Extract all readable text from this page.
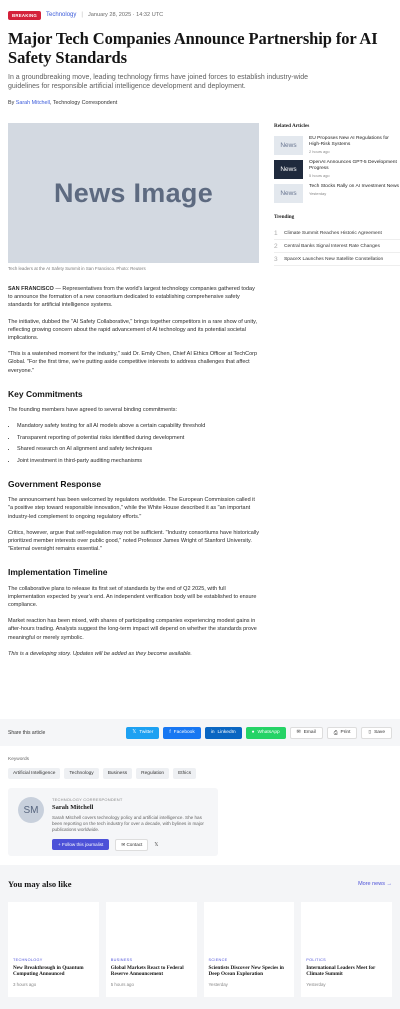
BREAKING	Technology | January 28, 2025 · 14:32 UTC
Major Tech Companies Announce Partnership for AI Safety Standards

In a groundbreaking move, leading technology firms have joined forces to establish industry-wide guidelines for responsible artificial intelligence development and deployment.

By Sarah Mitchell, Technology Correspondent

News Image

Tech leaders at the AI Safety Summit in San Francisco. Photo: Reuters

SAN FRANCISCO — Representatives from the world's largest technology companies gathered today to announce the formation of a new consortium dedicated to establishing comprehensive safety standards for artificial intelligence systems.

The initiative, dubbed the "AI Safety Collaborative," brings together competitors in a rare show of unity, reflecting growing concern about the rapid advancement of AI technology and its potential societal implications.

"This is a watershed moment for the industry," said Dr. Emily Chen, Chief AI Ethics Officer at TechCorp Global. "For the first time, we're putting aside competitive interests to address challenges that affect everyone."

Key Commitments

The founding members have agreed to several binding commitments:

• Mandatory safety testing for all AI models above a certain capability threshold
• Transparent reporting of potential risks identified during development
• Shared research on AI alignment and safety techniques
• Joint investment in third-party auditing mechanisms
Government Response

The announcement has been welcomed by regulators worldwide. The European Commission called it "a positive step toward responsible innovation," while the White House described it as "an important industry-led complement to ongoing regulatory efforts."

Critics, however, argue that self-regulation may not be sufficient. "Industry consortiums have historically prioritized member interests over public good," noted Professor James Wright of Stanford University. "External oversight remains essential."

Implementation Timeline

The collaborative plans to release its first set of standards by the end of Q2 2025, with full implementation expected by year's end. An independent verification body will be established to ensure compliance.

Market reaction has been mixed, with shares of participating companies experiencing modest gains in after-hours trading. Analysts suggest the long-term impact will depend on whether the standards prove meaningful or merely symbolic.

This is a developing story. Updates will be added as they become available.

Related Articles
News
EU Proposes New AI Regulations for High-Risk Systems
2 hours ago
News
OpenAI Announces GPT-5 Development Progress
5 hours ago
News
Tech Stocks Rally on AI Investment News
Yesterday
Trending
1 Climate Summit Reaches Historic Agreement
2 Central Banks Signal Interest Rate Changes
3 SpaceX Launches New Satellite Constellation
Share this article	𝕏 Twitter	f Facebook	in LinkedIn	● WhatsApp	✉ Email	⎙ Print	▯ Save
Keywords
Artificial Intelligence	Technology	Business	Regulation	Ethics
SM
TECHNOLOGY CORRESPONDENT
Sarah Mitchell
Sarah Mitchell covers technology policy and artificial intelligence. She has been reporting on the tech industry for over a decade, with bylines in major publications worldwide.
+ Follow this journalist	✉ Contact	𝕏
You may also like	More news →
TECHNOLOGY
New Breakthrough in Quantum Computing Announced
3 hours ago
BUSINESS
Global Markets React to Federal Reserve Announcement
5 hours ago
SCIENCE
Scientists Discover New Species in Deep Ocean Exploration
Yesterday
POLITICS
International Leaders Meet for Climate Summit
Yesterday
